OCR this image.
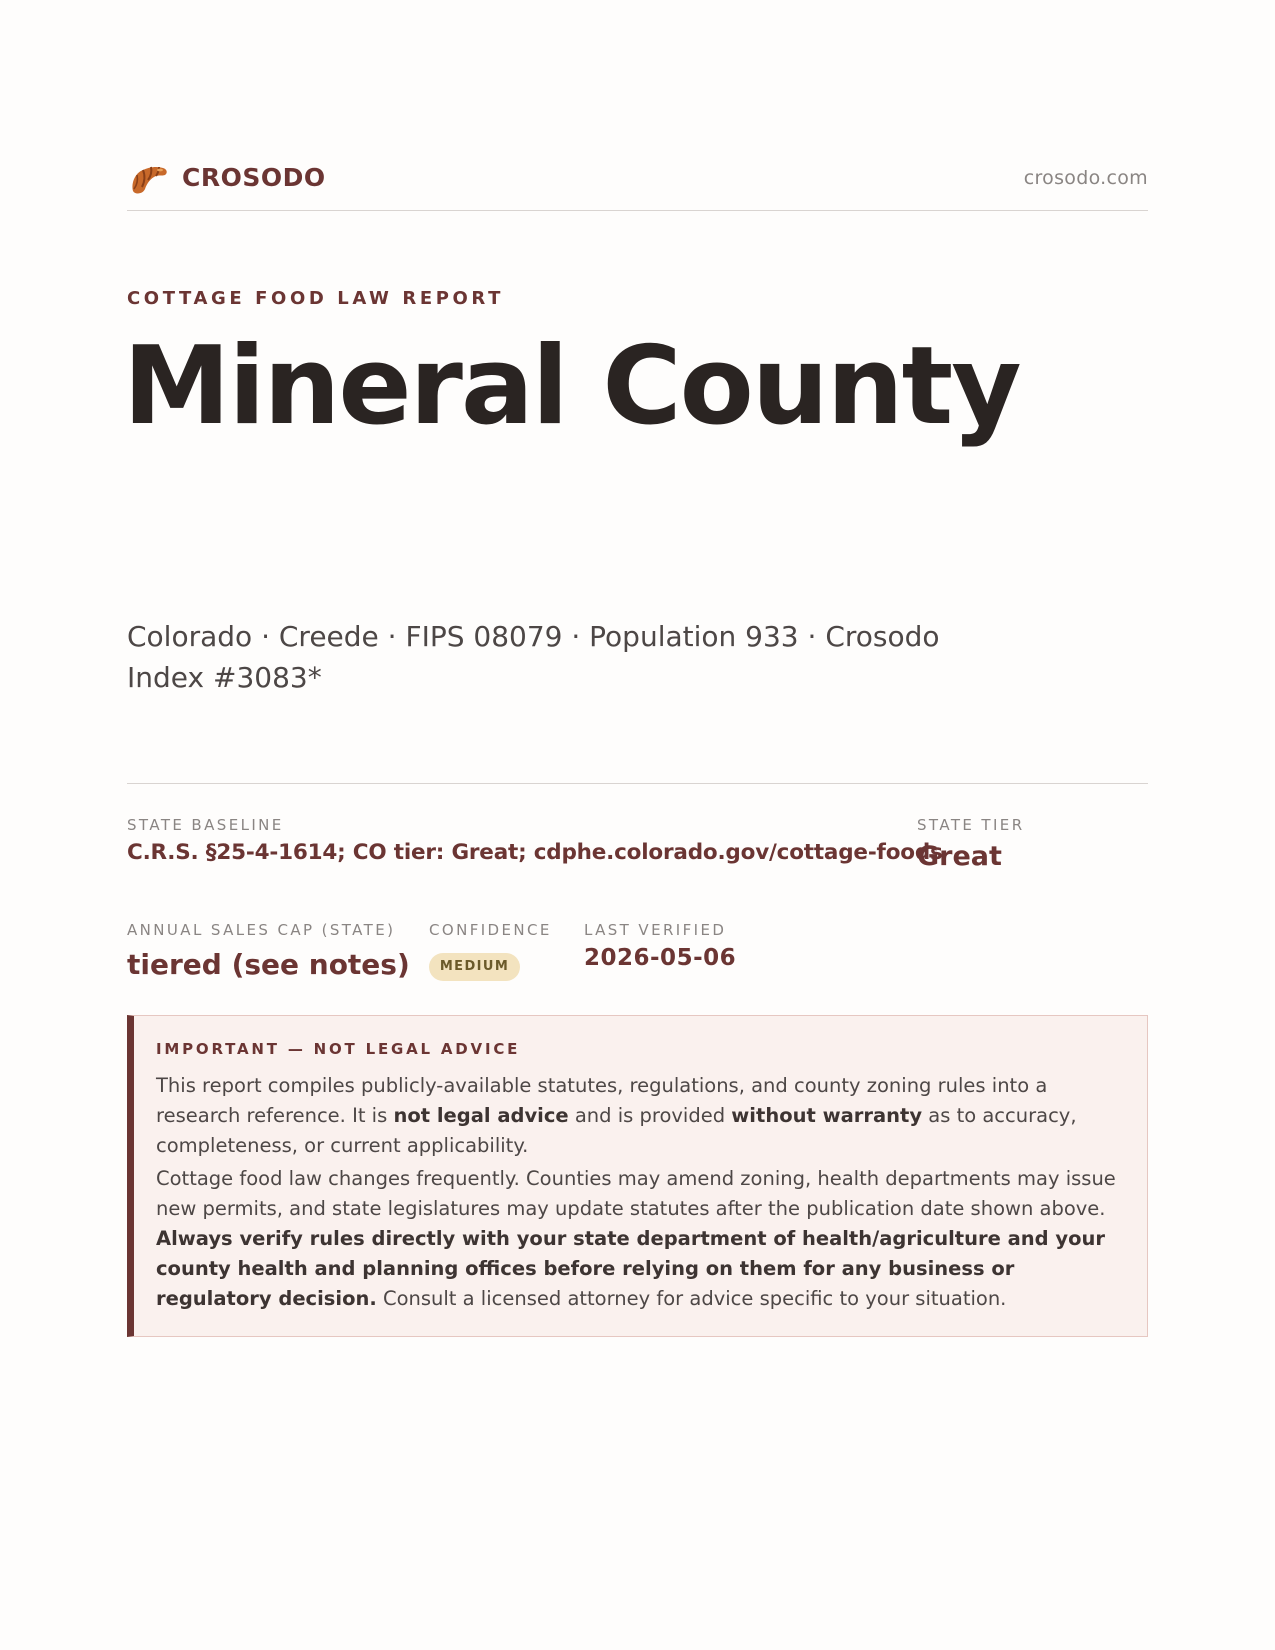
CROSODO	crosodo.com
COTTAGE FOOD LAW REPORT
Mineral County
Colorado · Creede · FIPS 08079 · Population 933 · Crosodo Index #3083*
STATE BASELINE
C.R.S. §25-4-1614; CO tier: Great; cdphe.colorado.gov/cottage-foods
STATE TIER
Great
ANNUAL SALES CAP (STATE)
tiered (see notes)
CONFIDENCE
MEDIUM
LAST VERIFIED
2026-05-06
IMPORTANT — NOT LEGAL ADVICE

This report compiles publicly-available statutes, regulations, and county zoning rules into a research reference. It is not legal advice and is provided without warranty as to accuracy, completeness, or current applicability.

Cottage food law changes frequently. Counties may amend zoning, health departments may issue new permits, and state legislatures may update statutes after the publication date shown above. Always verify rules directly with your state department of health/agriculture and your county health and planning offices before relying on them for any business or regulatory decision. Consult a licensed attorney for advice specific to your situation.
